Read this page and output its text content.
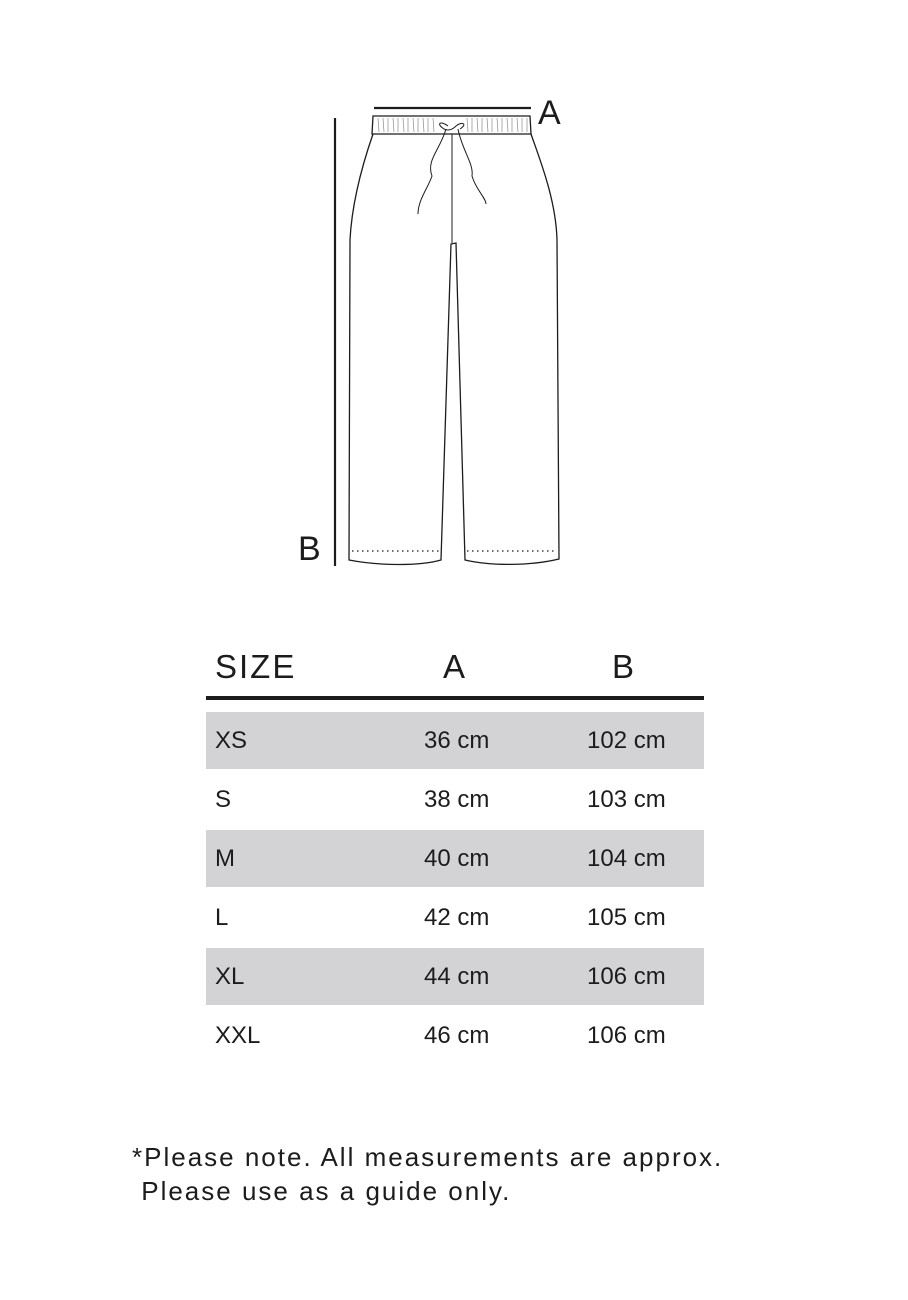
A
B
SIZE	A	B
XS	36 cm	102 cm
S	38 cm	103 cm
M	40 cm	104 cm
L	42 cm	105 cm
XL	44 cm	106 cm
XXL	46 cm	106 cm
*Please note. All measurements are approx.
Please use as a guide only.
